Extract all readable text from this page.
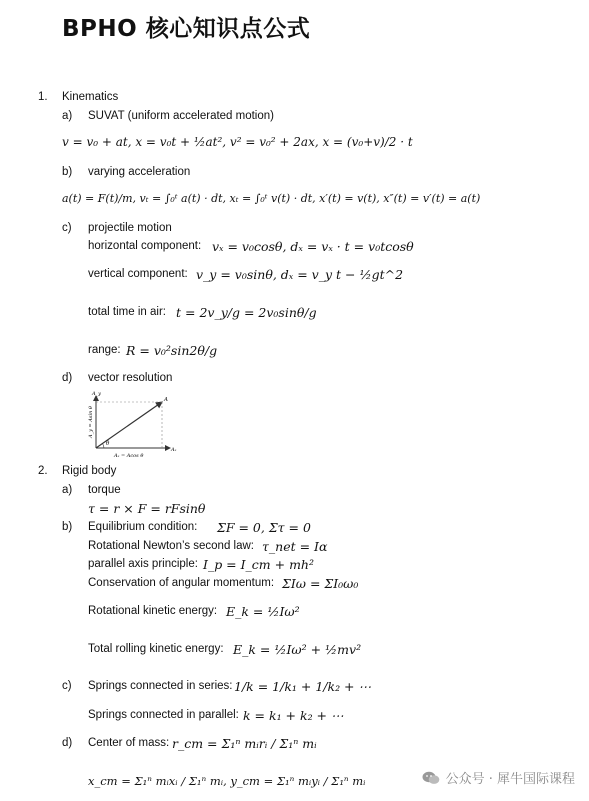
BPHO 核心知识点公式
1. Kinematics
a) SUVAT (uniform accelerated motion)
v = v₀ + at, x = v₀t + ½at², v² = v₀² + 2ax, x = (v₀+v)/2 · t
b) varying acceleration
a(t) = F(t)/m, vₜ = ∫₀ᵗ a(t) · dt, xₜ = ∫₀ᵗ v(t) · dt, x′(t) = v(t), x″(t) = v′(t) = a(t)
c) projectile motion
horizontal component: vₓ = v₀cosθ, dₓ = vₓ · t = v₀tcosθ
vertical component: v_y = v₀sinθ, dₓ = v_y t − ½gt^2
total time in air: t = 2v_y/g = 2v₀sinθ/g
range: R = v₀²sin2θ/g
d) vector resolution
θ
A
Aₓ
A_y
Aₓ = Acos θ
A_y = Asin θ
2. Rigid body
a) torque
τ = r × F = rFsinθ
b) Equilibrium condition: ΣF = 0, Στ = 0
Rotational Newton’s second law: τ_net = Iα
parallel axis principle: I_p = I_cm + mh²
Conservation of angular momentum: ΣIω = ΣI₀ω₀
Rotational kinetic energy: E_k = ½Iω²
Total rolling kinetic energy: E_k = ½Iω² + ½mv²
c) Springs connected in series: 1/k = 1/k₁ + 1/k₂ + ⋯
Springs connected in parallel: k = k₁ + k₂ + ⋯
d) Center of mass: r_cm = Σ₁ⁿ mᵢrᵢ / Σ₁ⁿ mᵢ
x_cm = Σ₁ⁿ mᵢxᵢ / Σ₁ⁿ mᵢ, y_cm = Σ₁ⁿ mᵢyᵢ / Σ₁ⁿ mᵢ	公众号 · 犀牛国际课程
